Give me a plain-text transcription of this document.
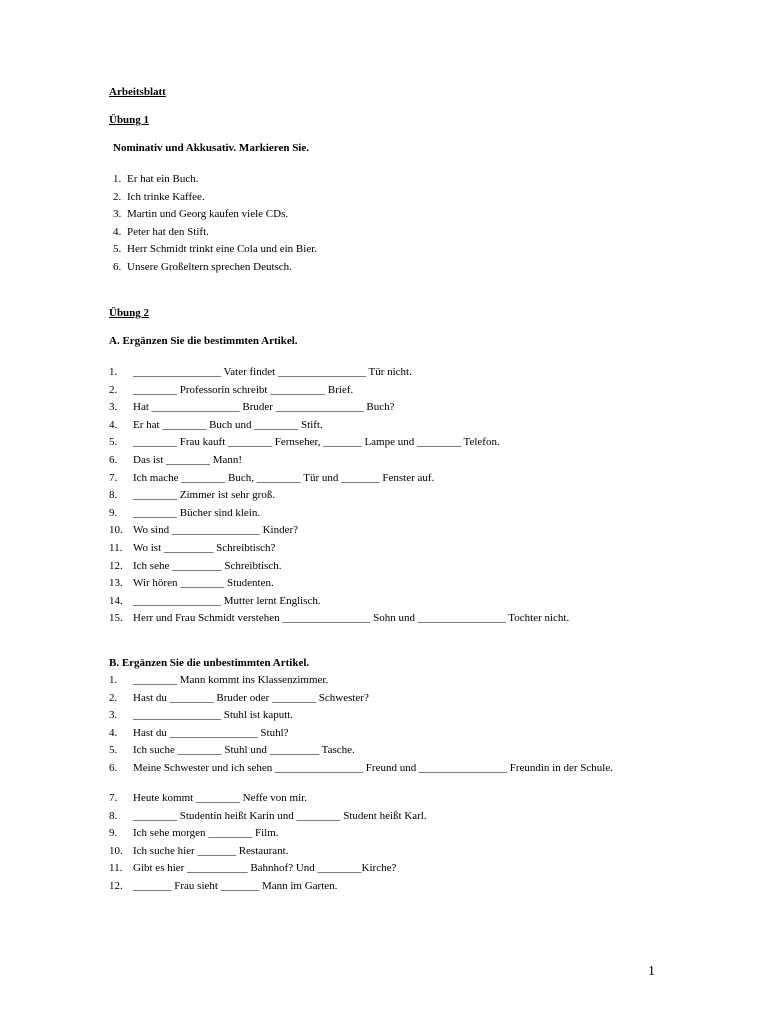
Arbeitsblatt
Übung 1
Nominativ und Akkusativ. Markieren Sie.
1. Er hat ein Buch.
2. Ich trinke Kaffee.
3. Martin und Georg kaufen viele CDs.
4. Peter hat den Stift.
5. Herr Schmidt trinkt eine Cola und ein Bier.
6. Unsere Großeltern sprechen Deutsch.
Übung 2
A. Ergänzen Sie die bestimmten Artikel.
1. ________________ Vater findet ________________ Tür nicht.
2. ________ Professorin schreibt __________ Brief.
3. Hat ________________ Bruder ________________ Buch?
4. Er hat ________ Buch und ________ Stift.
5. ________ Frau kauft ________ Fernseher, _______ Lampe und ________ Telefon.
6. Das ist ________ Mann!
7. Ich mache ________ Buch, ________ Tür und _______ Fenster auf.
8. ________ Zimmer ist sehr groß.
9. ________ Bücher sind klein.
10. Wo sind ________________ Kinder?
11. Wo ist _________ Schreibtisch?
12. Ich sehe _________ Schreibtisch.
13. Wir hören ________ Studenten.
14. ________________ Mutter lernt Englisch.
15. Herr und Frau Schmidt verstehen ________________ Sohn und ________________ Tochter nicht.
B. Ergänzen Sie die unbestimmten Artikel.
1. ________ Mann kommt ins Klassenzimmer.
2. Hast du ________ Bruder oder ________ Schwester?
3. ________________ Stuhl ist kaputt.
4. Hast du ________________ Stuhl?
5. Ich suche ________ Stuhl und _________ Tasche.
6. Meine Schwester und ich sehen ________________ Freund und ________________ Freundin in der Schule.
7. Heute kommt ________ Neffe von mir.
8. ________ Studentin heißt Karin und ________ Student heißt Karl.
9. Ich sehe morgen ________ Film.
10. Ich suche hier _______ Restaurant.
11. Gibt es hier ___________ Bahnhof? Und ________Kirche?
12. _______ Frau sieht _______ Mann im Garten.
1
